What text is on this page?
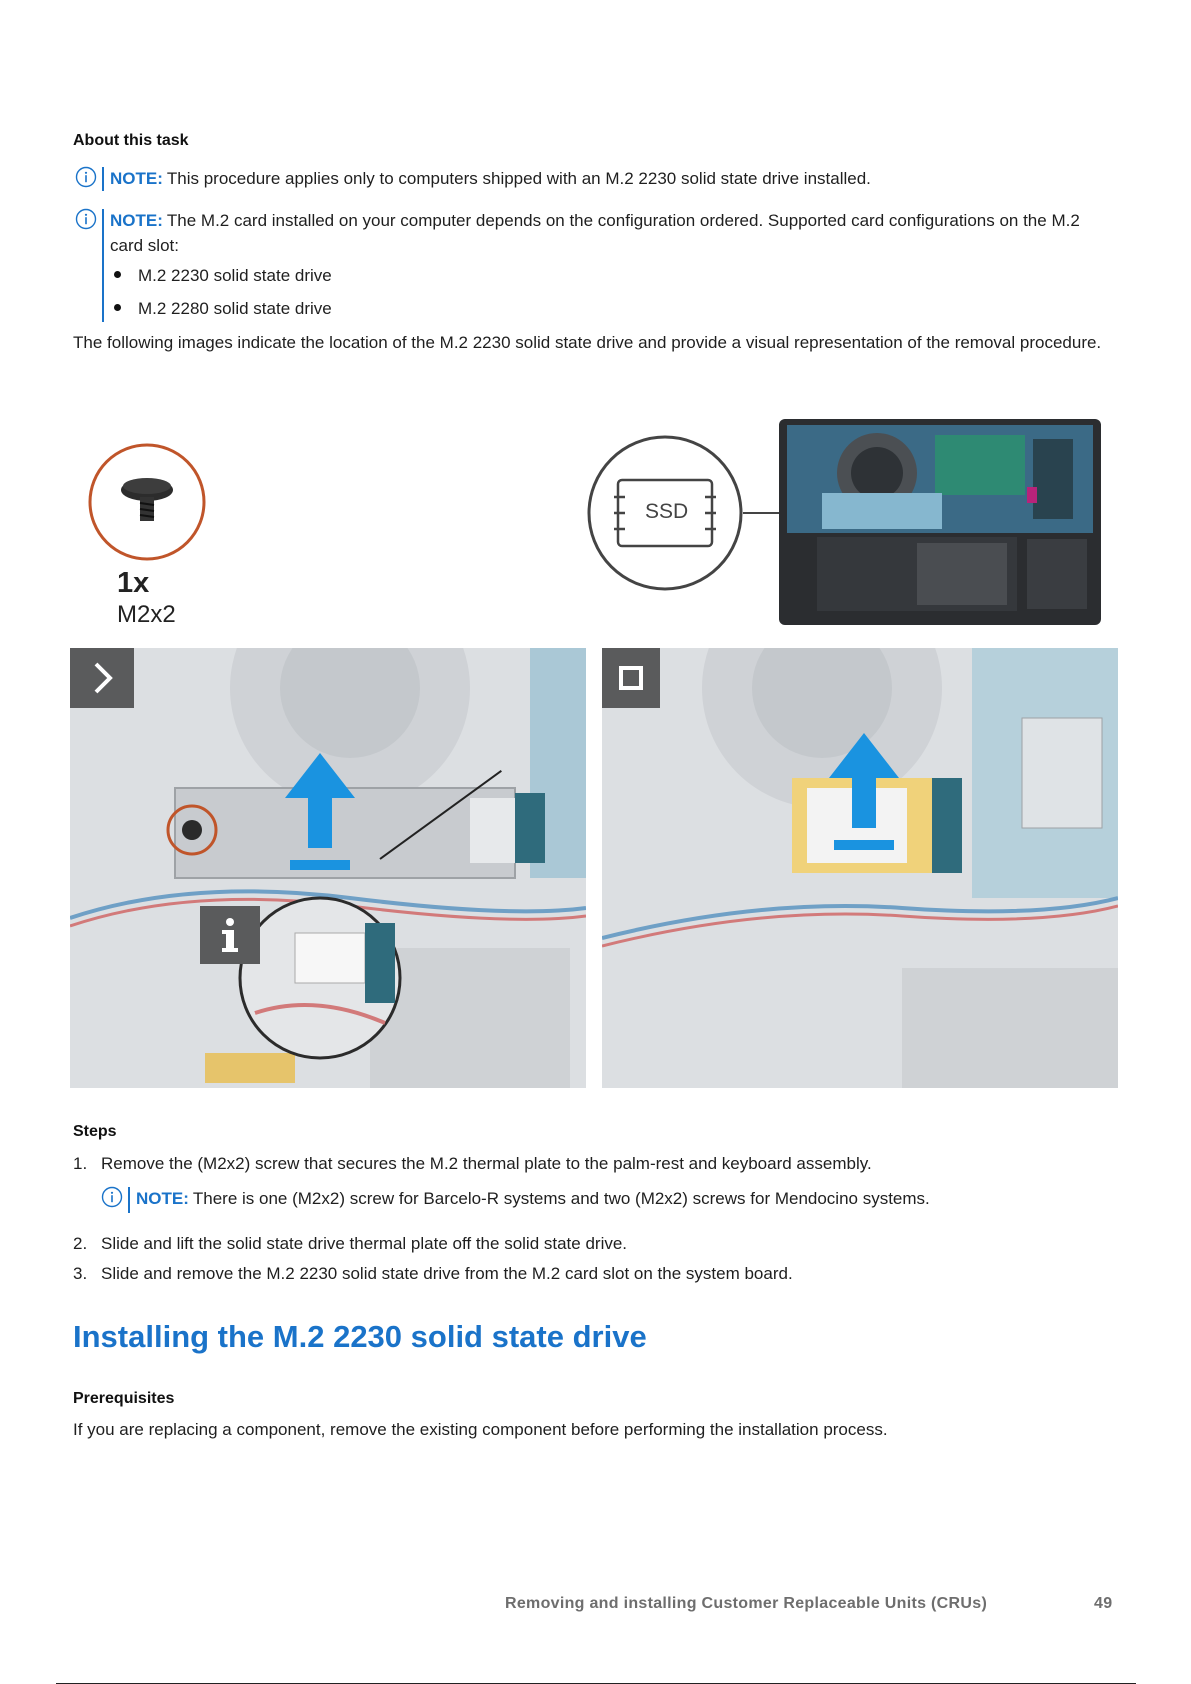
About this task
NOTE: This procedure applies only to computers shipped with an M.2 2230 solid state drive installed.
NOTE: The M.2 card installed on your computer depends on the configuration ordered. Supported card configurations on the M.2 card slot:
M.2 2230 solid state drive
M.2 2280 solid state drive
The following images indicate the location of the M.2 2230 solid state drive and provide a visual representation of the removal procedure.
1x
M2x2
SSD
Steps
1. Remove the (M2x2) screw that secures the M.2 thermal plate to the palm-rest and keyboard assembly.
NOTE: There is one (M2x2) screw for Barcelo-R systems and two (M2x2) screws for Mendocino systems.
2. Slide and lift the solid state drive thermal plate off the solid state drive.
3. Slide and remove the M.2 2230 solid state drive from the M.2 card slot on the system board.
Installing the M.2 2230 solid state drive
Prerequisites
If you are replacing a component, remove the existing component before performing the installation process.
Removing and installing Customer Replaceable Units (CRUs)	49
